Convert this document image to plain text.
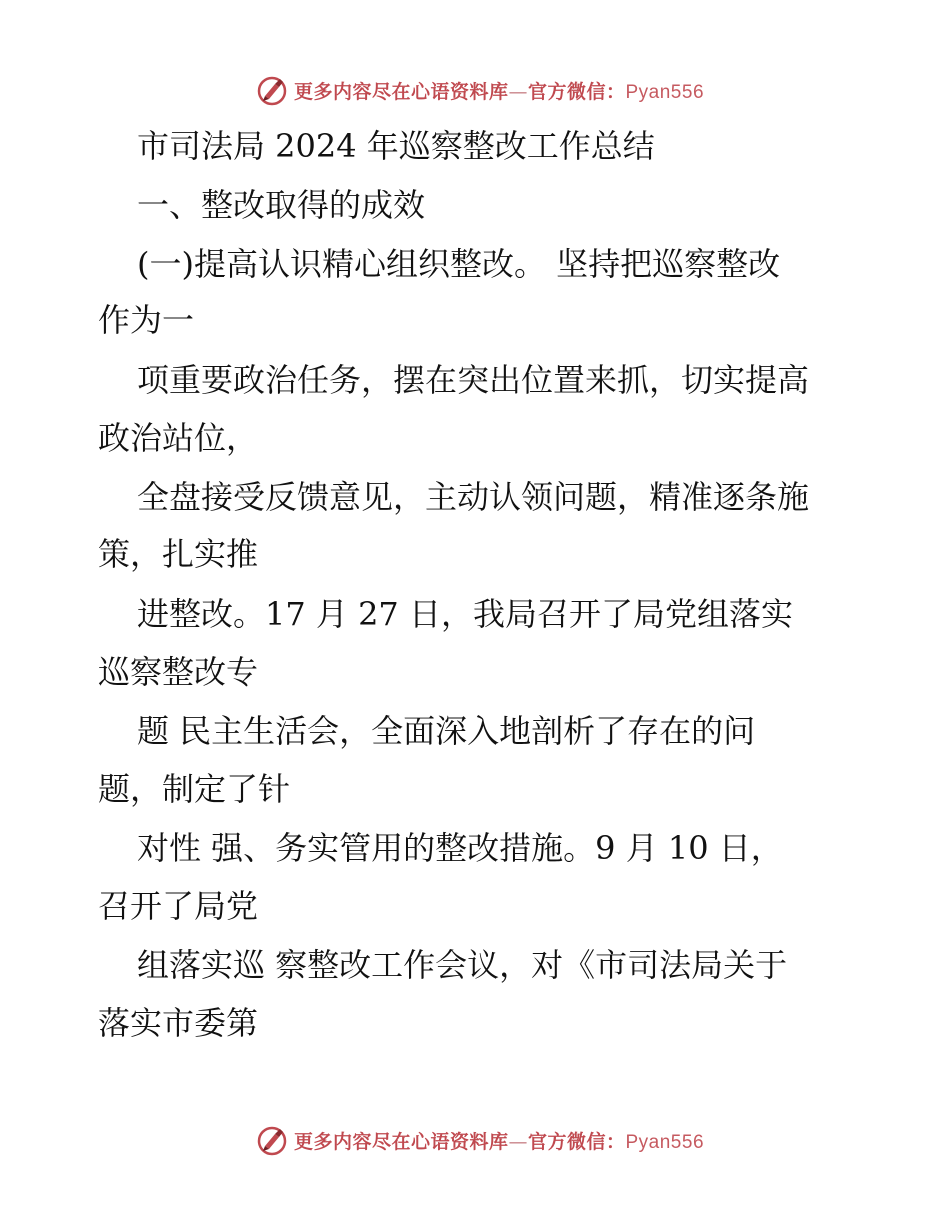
更多内容尽在心语资料库—官方微信：Pyan556
市司法局 2024 年巡察整改工作总结
一、整改取得的成效
(一)提高认识精心组织整改。 坚持把巡察整改
作为一
项重要政治任务，摆在突出位置来抓，切实提高
政治站位，
全盘接受反馈意见，主动认领问题，精准逐条施
策，扎实推
进整改。17 月 27 日，我局召开了局党组落实
巡察整改专
题 民主生活会，全面深入地剖析了存在的问
题，制定了针
对性 强、务实管用的整改措施。9 月 10 日，
召开了局党
组落实巡 察整改工作会议，对《市司法局关于
落实市委第
更多内容尽在心语资料库—官方微信：Pyan556
